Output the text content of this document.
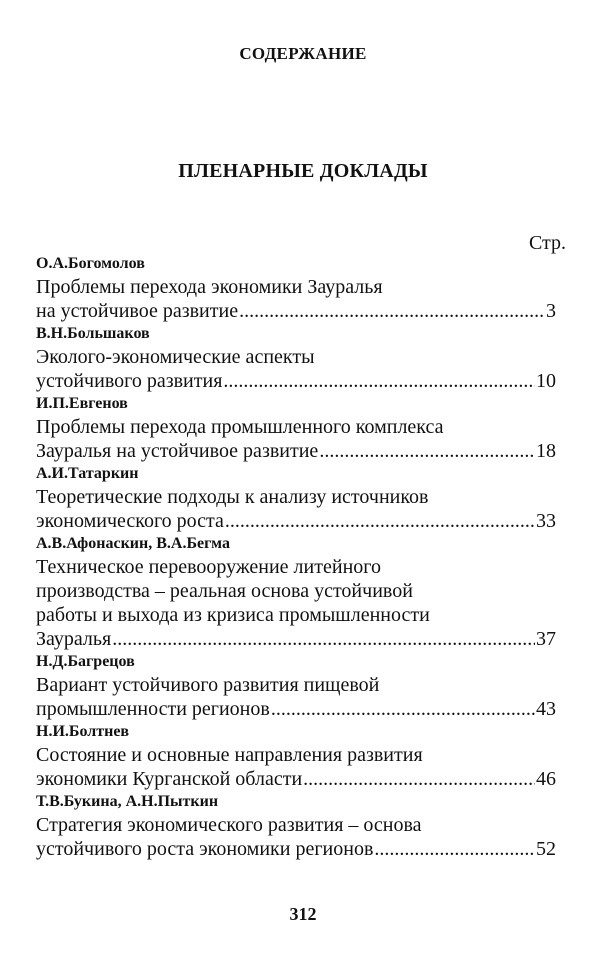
СОДЕРЖАНИЕ
ПЛЕНАРНЫЕ ДОКЛАДЫ
Стр.
О.А.Богомолов
Проблемы перехода экономики Зауралья
на устойчивое развитие .....	3
В.Н.Большаков
Эколого-экономические аспекты
устойчивого развития .....	10
И.П.Евгенов
Проблемы перехода промышленного комплекса
Зауралья на устойчивое развитие .....	18
А.И.Татаркин
Теоретические подходы к анализу источников
экономического роста .....	33
А.В.Афонаскин, В.А.Бегма
Техническое перевооружение литейного
производства – реальная основа устойчивой
работы и выхода из кризиса промышленности
Зауралья .....	37
Н.Д.Багрецов
Вариант устойчивого развития пищевой
промышленности регионов .....	43
Н.И.Болтнев
Состояние и основные направления развития
экономики Курганской области .....	46
Т.В.Букина, А.Н.Пыткин
Стратегия экономического развития – основа
устойчивого роста экономики регионов .....	52
312
